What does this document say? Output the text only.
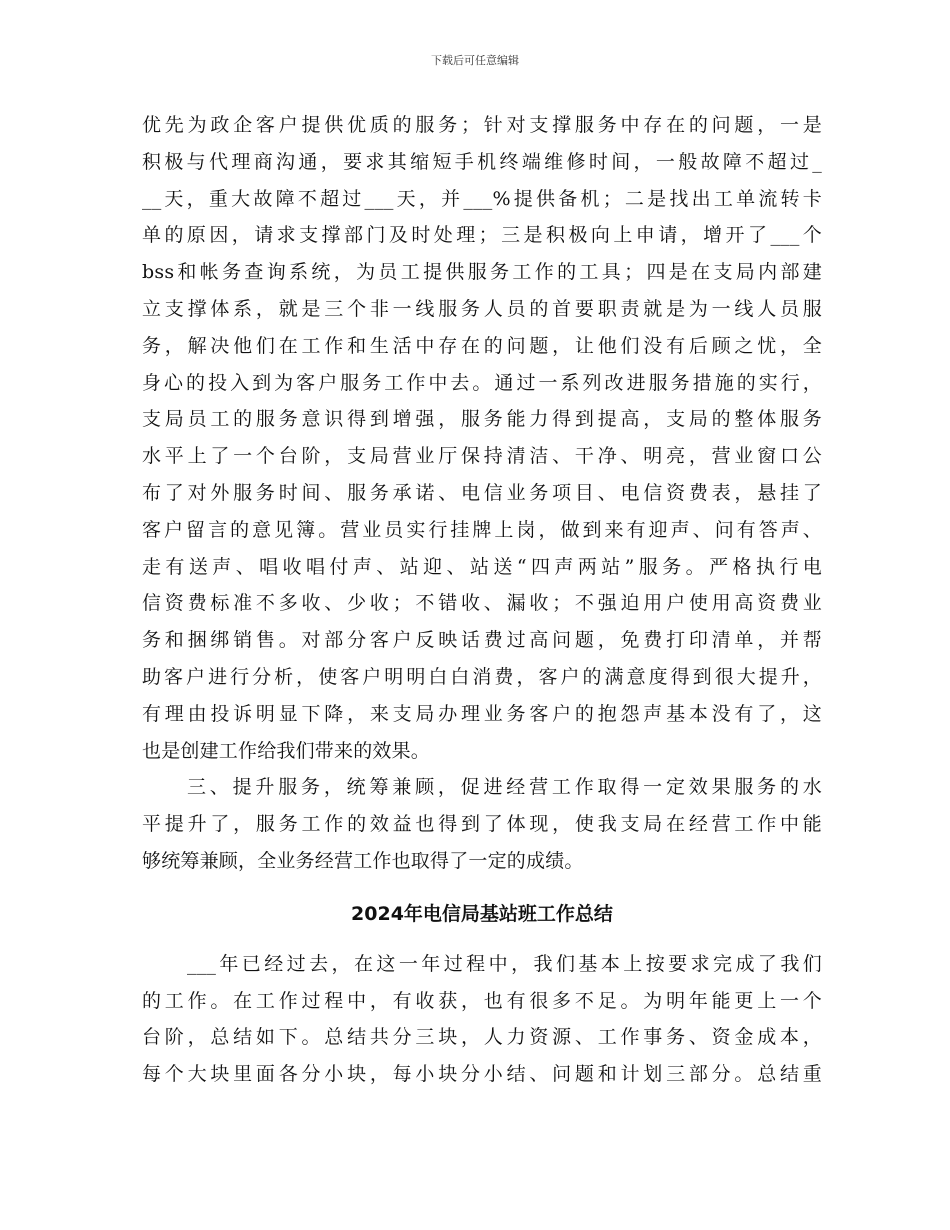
下载后可任意编辑
优先为政企客户提供优质的服务；针对支撑服务中存在的问题，一是
积极与代理商沟通，要求其缩短手机终端维修时间，一般故障不超过_
__天，重大故障不超过___天，并___%提供备机；二是找出工单流转卡
单的原因，请求支撑部门及时处理；三是积极向上申请，增开了___个
bss和帐务查询系统，为员工提供服务工作的工具；四是在支局内部建
立支撑体系，就是三个非一线服务人员的首要职责就是为一线人员服
务，解决他们在工作和生活中存在的问题，让他们没有后顾之忧，全
身心的投入到为客户服务工作中去。通过一系列改进服务措施的实行，
支局员工的服务意识得到增强，服务能力得到提高，支局的整体服务
水平上了一个台阶，支局营业厅保持清洁、干净、明亮，营业窗口公
布了对外服务时间、服务承诺、电信业务项目、电信资费表，悬挂了
客户留言的意见簿。营业员实行挂牌上岗，做到来有迎声、问有答声、
走有送声、唱收唱付声、站迎、站送“四声两站”服务。严格执行电
信资费标准不多收、少收；不错收、漏收；不强迫用户使用高资费业
务和捆绑销售。对部分客户反映话费过高问题，免费打印清单，并帮
助客户进行分析，使客户明明白白消费，客户的满意度得到很大提升，
有理由投诉明显下降，来支局办理业务客户的抱怨声基本没有了，这
也是创建工作给我们带来的效果。
三、提升服务，统筹兼顾，促进经营工作取得一定效果服务的水
平提升了，服务工作的效益也得到了体现，使我支局在经营工作中能
够统筹兼顾，全业务经营工作也取得了一定的成绩。
2024年电信局基站班工作总结
___年已经过去，在这一年过程中，我们基本上按要求完成了我们
的工作。在工作过程中，有收获，也有很多不足。为明年能更上一个
台阶，总结如下。总结共分三块，人力资源、工作事务、资金成本，
每个大块里面各分小块，每小块分小结、问题和计划三部分。总结重
